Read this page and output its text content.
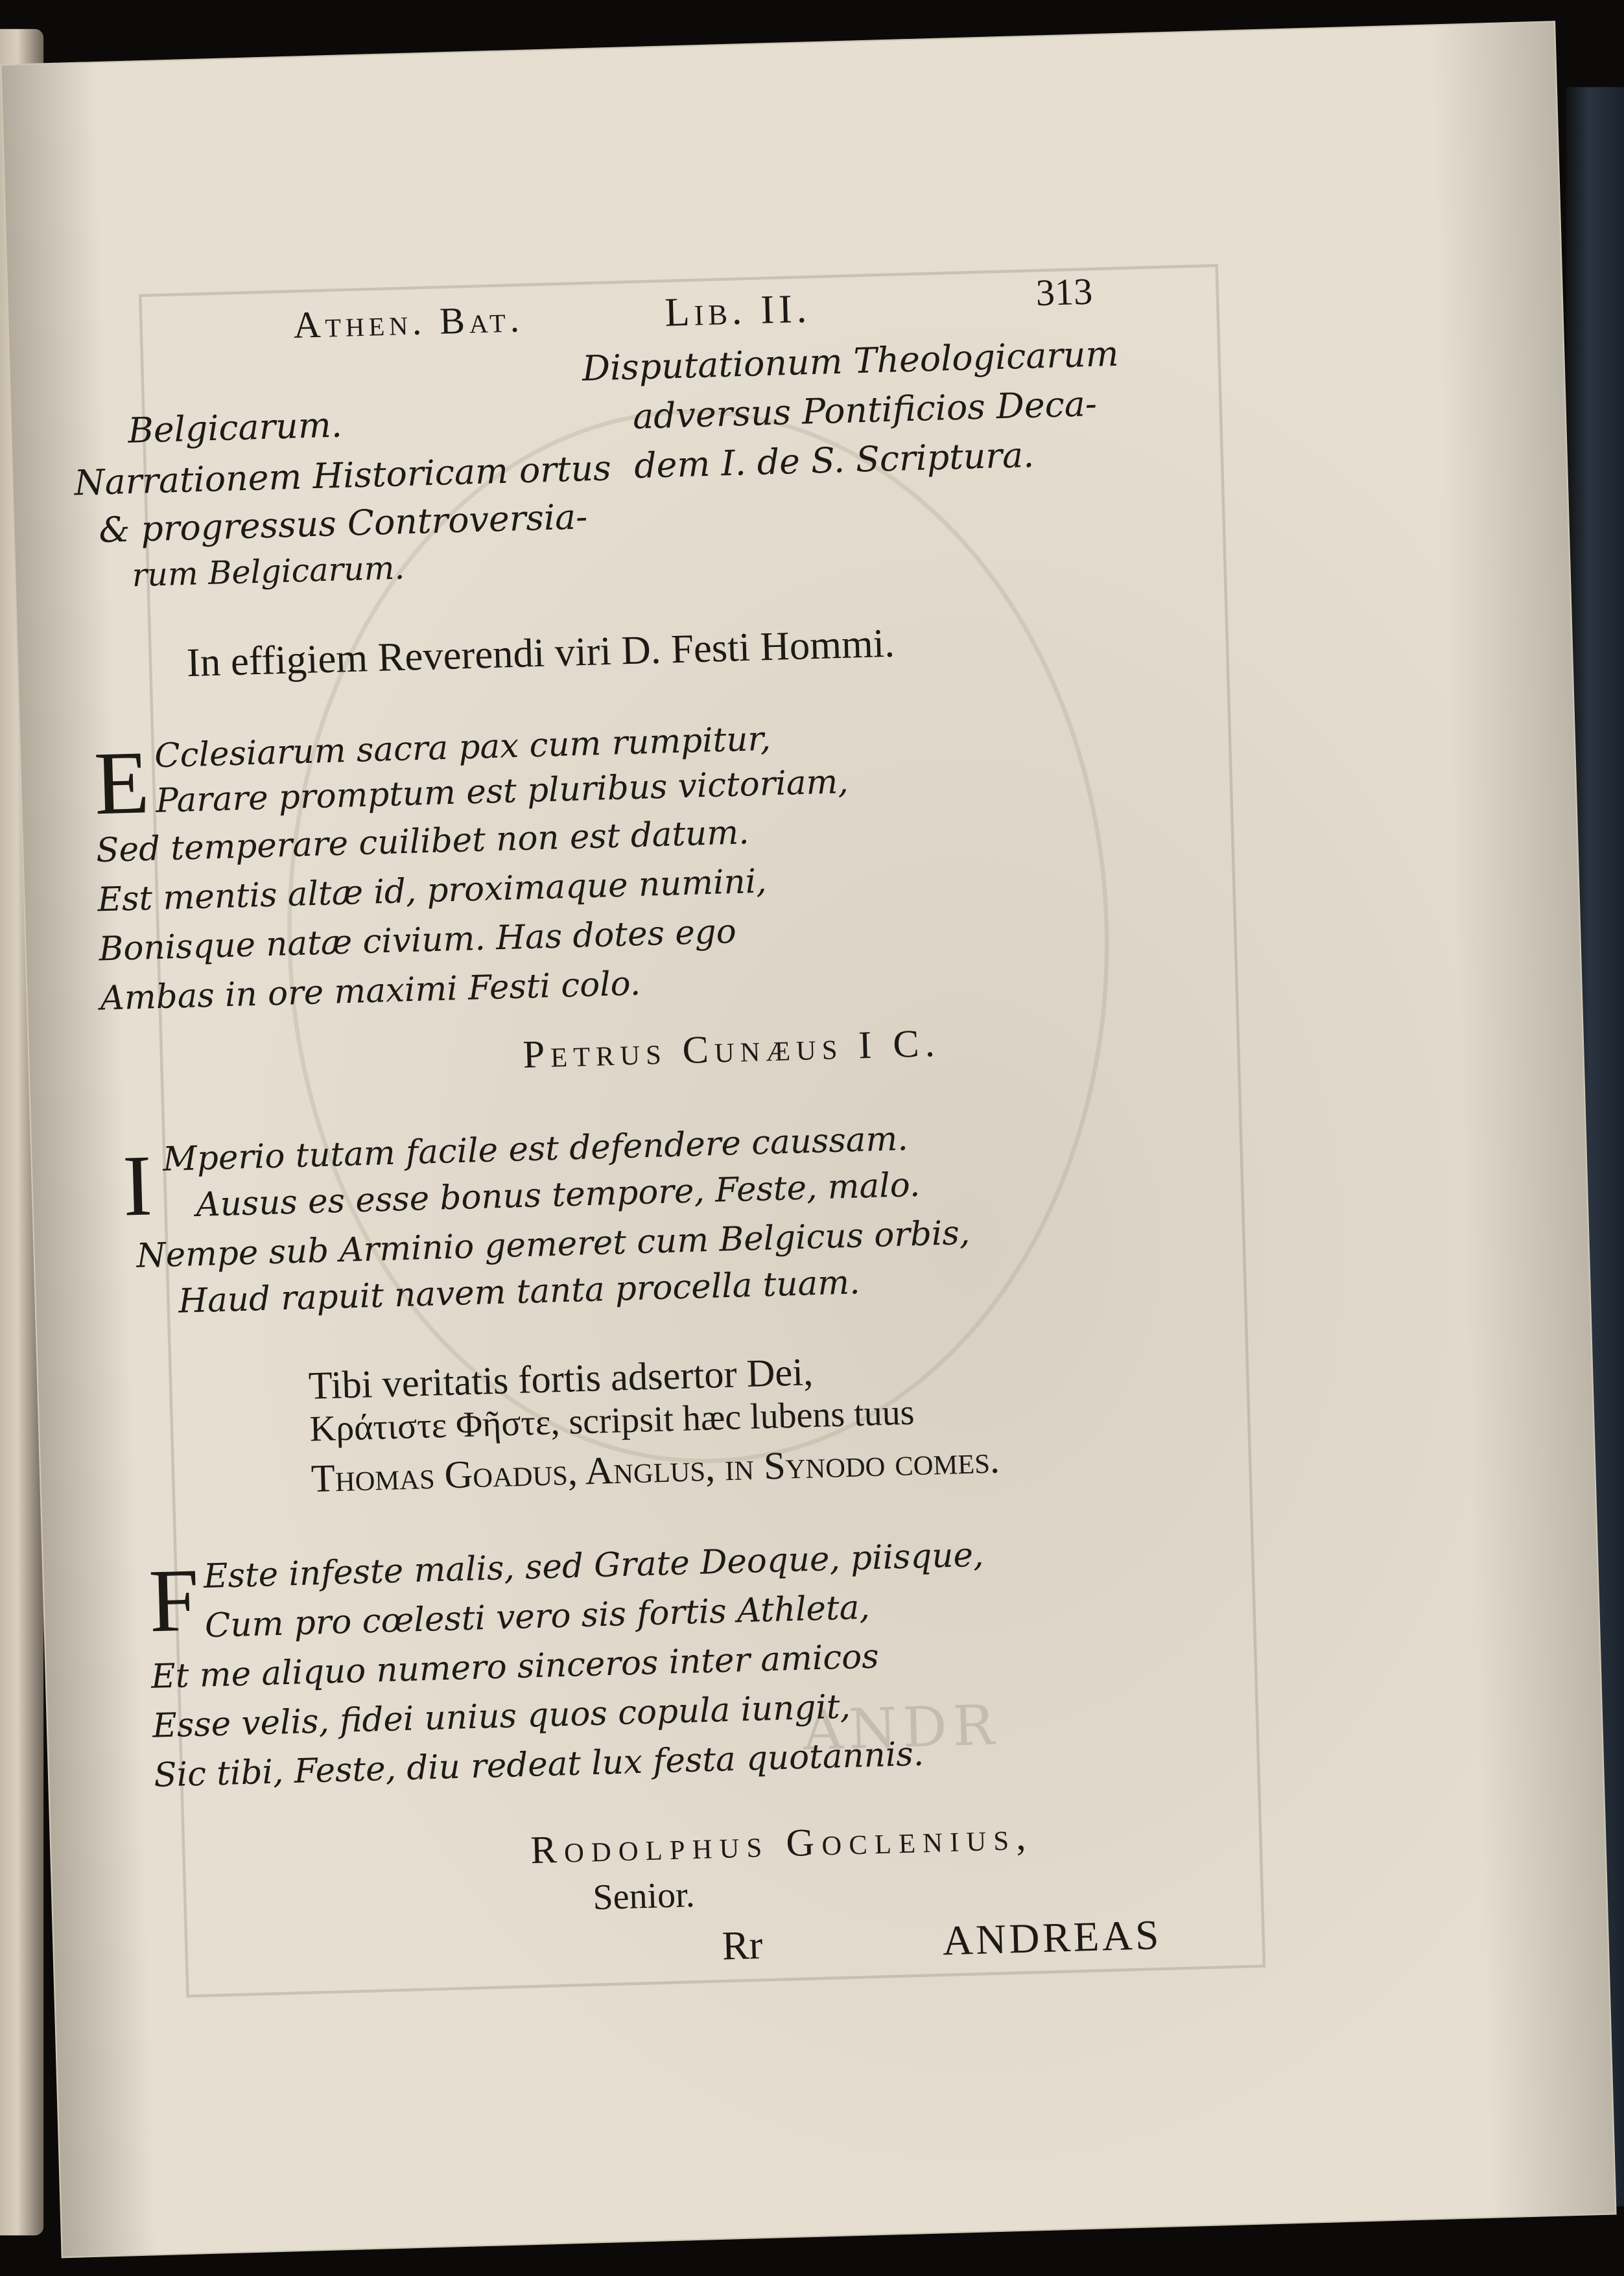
ANDR
Athen. Bat.	Lib. II.	313
Belgicarum.
Narrationem Historicam ortus
& progressus Controversia-
rum Belgicarum.
Disputationum Theologicarum
adversus Pontificios Deca-
dem I. de S. Scriptura.
In effigiem Reverendi viri D. Festi Hommi.
E Cclesiarum sacra pax cum rumpitur,
Parare promptum est pluribus victoriam,
Sed temperare cuilibet non est datum.
Est mentis altæ id, proximaque numini,
Bonisque natæ civium. Has dotes ego
Ambas in ore maximi Festi colo.
Petrus Cunæus I C.
I Mperio tutam facile est defendere caussam.
Ausus es esse bonus tempore, Feste, malo.
Nempe sub Arminio gemeret cum Belgicus orbis,
Haud rapuit navem tanta procella tuam.
Tibi veritatis fortis adsertor Dei,
Κράτιστε Φῆστε, scripsit hæc lubens tuus
Thomas Goadus, Anglus, in Synodo comes.
F Este infeste malis, sed Grate Deoque, piisque,
Cum pro cœlesti vero sis fortis Athleta,
Et me aliquo numero sinceros inter amicos
Esse velis, fidei unius quos copula iungit,
Sic tibi, Feste, diu redeat lux festa quotannis.
Rodolphus Goclenius,
Senior.
Rr	ANDREAS
